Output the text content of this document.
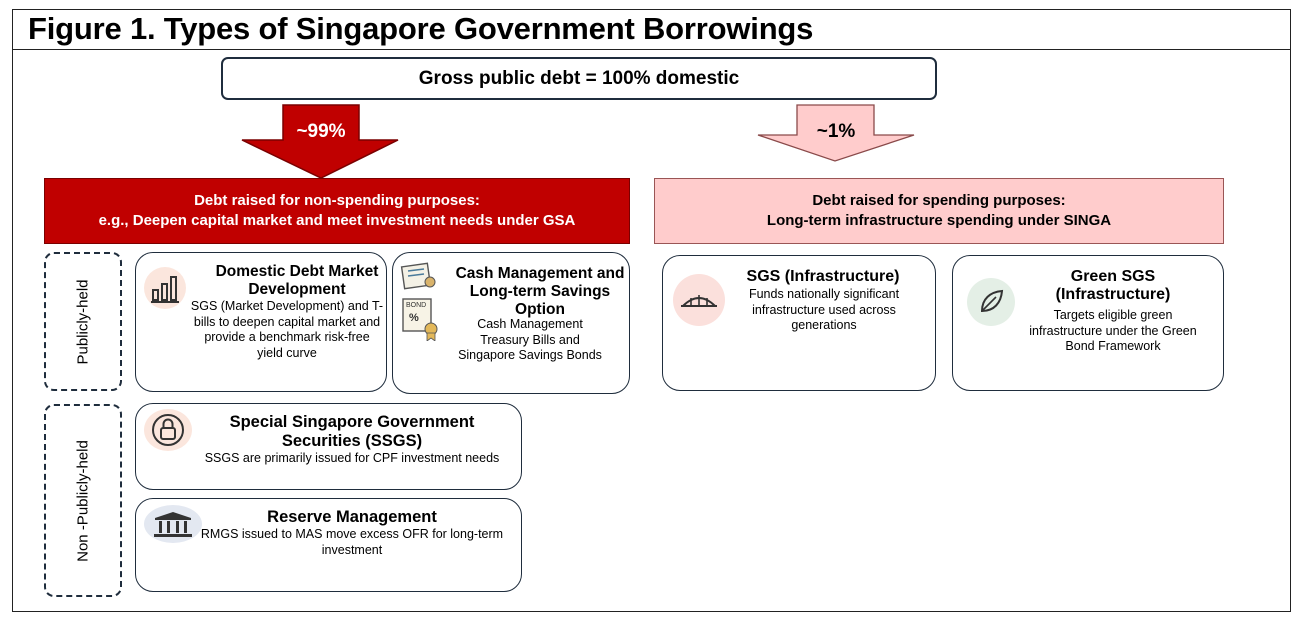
Figure 1. Types of Singapore Government Borrowings
Gross public debt = 100% domestic
~99%	~1%
Debt raised for non-spending purposes:
e.g., Deepen capital market and meet investment needs under GSA
Debt raised for spending purposes:
Long-term infrastructure spending under SINGA
Publicly-held
Non -Publicly-held
Domestic Debt Market Development
SGS (Market Development) and T-bills to deepen capital market and provide a benchmark risk-free yield curve
BOND
%
Cash Management and Long-term Savings Option
Cash Management Treasury Bills and Singapore Savings Bonds
SGS (Infrastructure)
Funds nationally significant infrastructure used across generations
Green SGS (Infrastructure)
Targets eligible green infrastructure under the Green Bond Framework
Special Singapore Government Securities (SSGS)
SSGS are primarily issued for CPF investment needs
Reserve Management
RMGS issued to MAS move excess OFR for long-term investment
